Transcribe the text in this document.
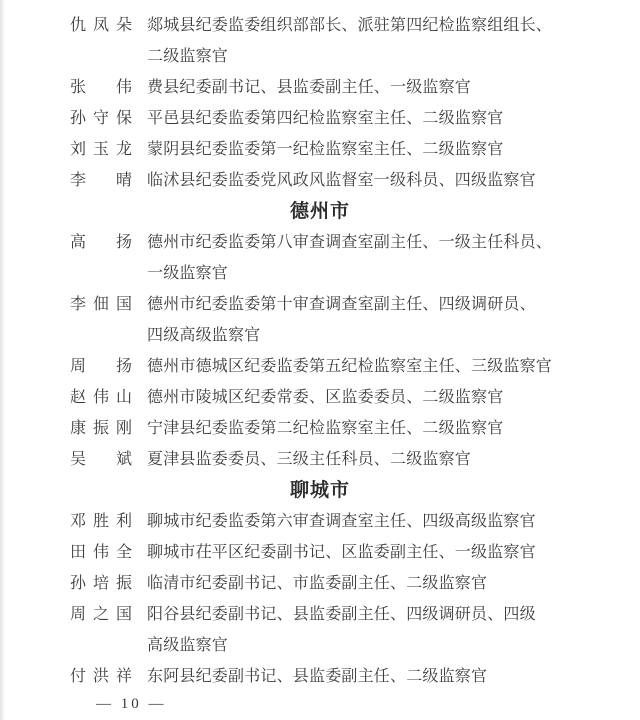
仇凤朵 郯城县纪委监委组织部部长、派驻第四纪检监察组组长、
二级监察官
张伟 费县纪委副书记、县监委副主任、一级监察官
孙守保 平邑县纪委监委第四纪检监察室主任、二级监察官
刘玉龙 蒙阴县纪委监委第一纪检监察室主任、二级监察官
李晴 临沭县纪委监委党风政风监督室一级科员、四级监察官
德州市
高扬 德州市纪委监委第八审查调查室副主任、一级主任科员、
一级监察官
李佃国 德州市纪委监委第十审查调查室副主任、四级调研员、
四级高级监察官
周扬 德州市德城区纪委监委第五纪检监察室主任、三级监察官
赵伟山 德州市陵城区纪委常委、区监委委员、二级监察官
康振刚 宁津县纪委监委第二纪检监察室主任、二级监察官
吴斌 夏津县监委委员、三级主任科员、二级监察官
聊城市
邓胜利 聊城市纪委监委第六审查调查室主任、四级高级监察官
田伟全 聊城市茌平区纪委副书记、区监委副主任、一级监察官
孙培振 临清市纪委副书记、市监委副主任、二级监察官
周之国 阳谷县纪委副书记、县监委副主任、四级调研员、四级
高级监察官
付洪祥 东阿县纪委副书记、县监委副主任、二级监察官
— 10 —
